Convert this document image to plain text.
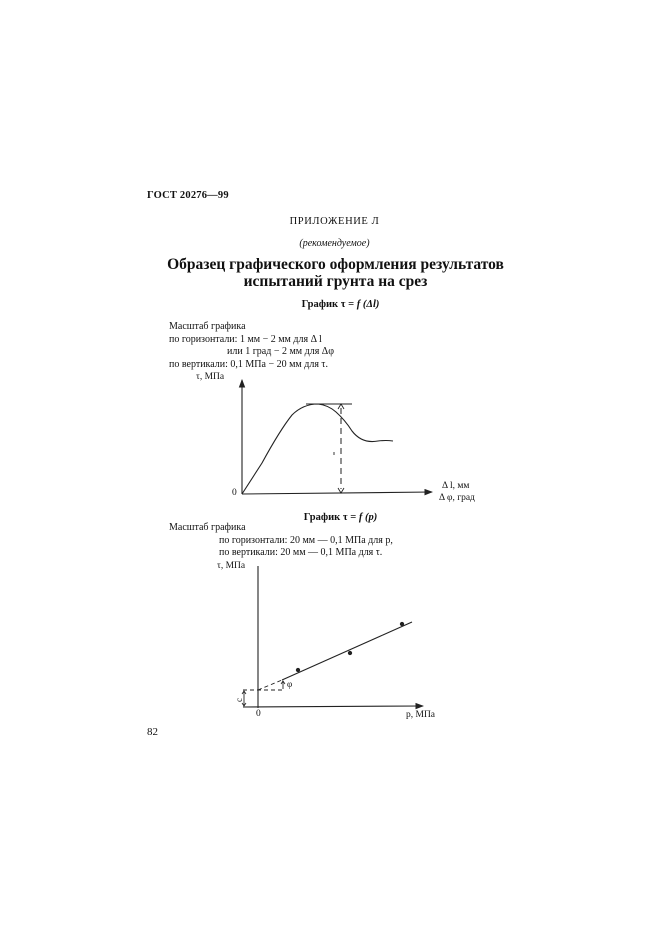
ГОСТ 20276—99
ПРИЛОЖЕНИЕ Л
(рекомендуемое)
Образец графического оформления результатов
испытаний грунта на срез
График τ = f (Δl)
Масштаб графика
по горизонтали: 1 мм − 2 мм для Δ l
или 1 град − 2 мм для Δφ
по вертикали: 0,1 МПа − 20 мм для τ.
τ, МПа
0
Δ l, мм
Δ φ, град
График τ = f (p)
Масштаб графика
по горизонтали: 20 мм — 0,1 МПа для p,
по вертикали: 20 мм — 0,1 МПа для τ.
τ, МПа
0	p, МПа
φ
c
82
